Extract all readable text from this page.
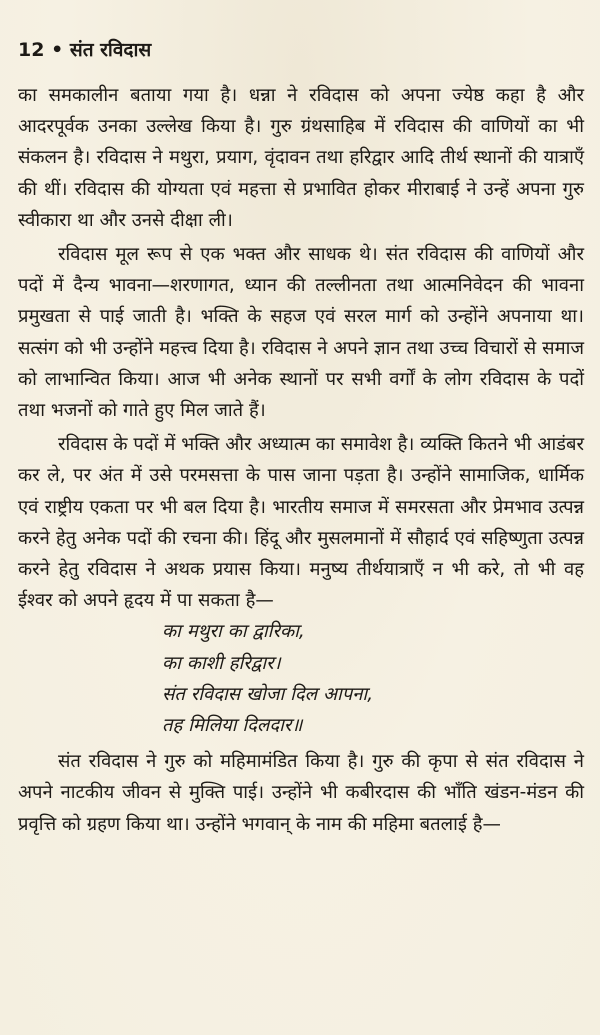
12 • संत रविदास

का समकालीन बताया गया है। धन्ना ने रविदास को अपना ज्येष्ठ कहा है और आदरपूर्वक उनका उल्लेख किया है। गुरु ग्रंथसाहिब में रविदास की वाणियों का भी संकलन है। रविदास ने मथुरा, प्रयाग, वृंदावन तथा हरिद्वार आदि तीर्थ स्थानों की यात्राएँ की थीं। रविदास की योग्यता एवं महत्ता से प्रभावित होकर मीराबाई ने उन्हें अपना गुरु स्वीकारा था और उनसे दीक्षा ली।

रविदास मूल रूप से एक भक्त और साधक थे। संत रविदास की वाणियों और पदों में दैन्य भावना—शरणागत, ध्यान की तल्लीनता तथा आत्मनिवेदन की भावना प्रमुखता से पाई जाती है। भक्ति के सहज एवं सरल मार्ग को उन्होंने अपनाया था। सत्संग को भी उन्होंने महत्त्व दिया है। रविदास ने अपने ज्ञान तथा उच्च विचारों से समाज को लाभान्वित किया। आज भी अनेक स्थानों पर सभी वर्गों के लोग रविदास के पदों तथा भजनों को गाते हुए मिल जाते हैं।

रविदास के पदों में भक्ति और अध्यात्म का समावेश है। व्यक्ति कितने भी आडंबर कर ले, पर अंत में उसे परमसत्ता के पास जाना पड़ता है। उन्होंने सामाजिक, धार्मिक एवं राष्ट्रीय एकता पर भी बल दिया है। भारतीय समाज में समरसता और प्रेमभाव उत्पन्न करने हेतु अनेक पदों की रचना की। हिंदू और मुसलमानों में सौहार्द एवं सहिष्णुता उत्पन्न करने हेतु रविदास ने अथक प्रयास किया। मनुष्य तीर्थयात्राएँ न भी करे, तो भी वह ईश्वर को अपने हृदय में पा सकता है—

का मथुरा का द्वारिका,
का काशी हरिद्वार।
संत रविदास खोजा दिल आपना,
तह मिलिया दिलदार॥

संत रविदास ने गुरु को महिमामंडित किया है। गुरु की कृपा से संत रविदास ने अपने नाटकीय जीवन से मुक्ति पाई। उन्होंने भी कबीरदास की भाँति खंडन-मंडन की प्रवृत्ति को ग्रहण किया था। उन्होंने भगवान् के नाम की महिमा बतलाई है—
